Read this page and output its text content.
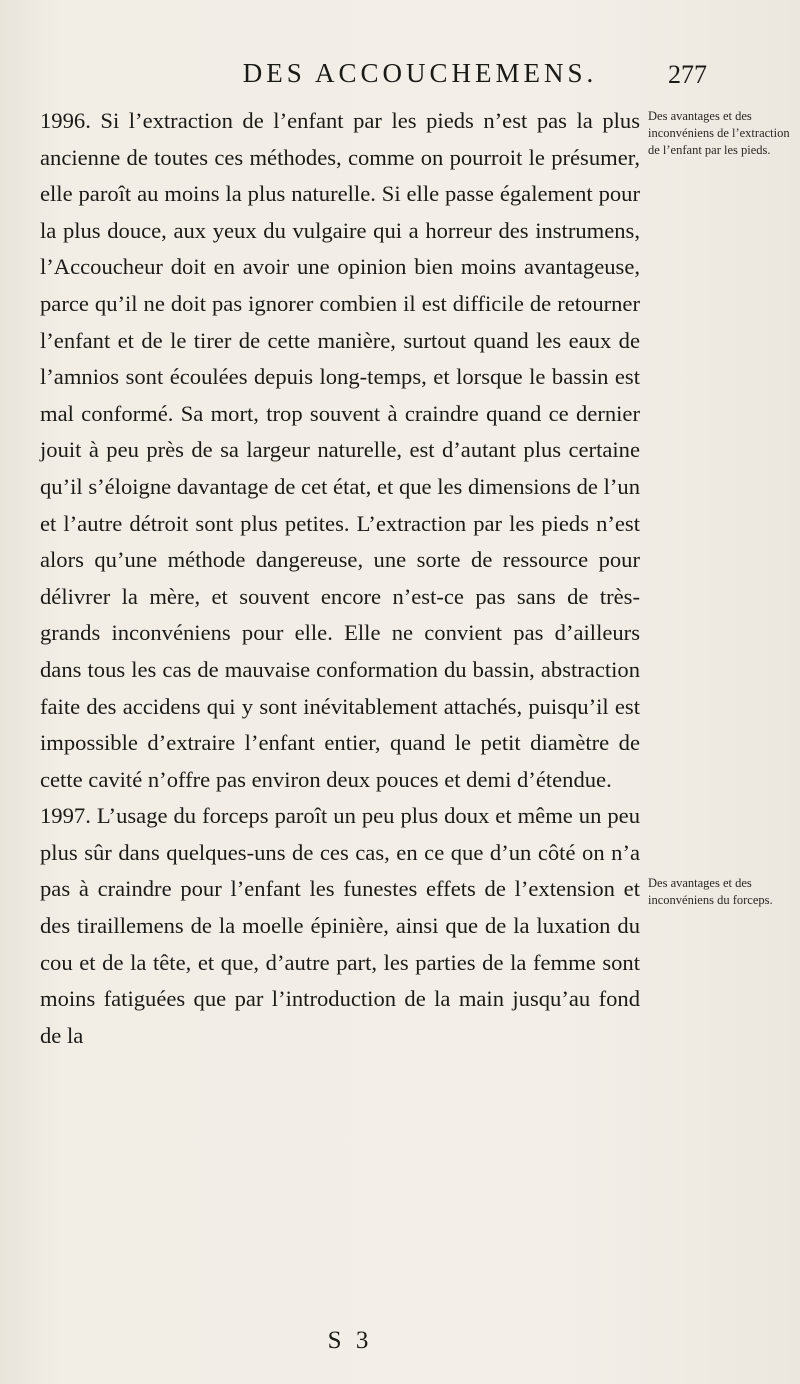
DES ACCOUCHEMENS.	277

1996. Si l’extraction de l’enfant par les pieds n’est pas la plus ancienne de toutes ces méthodes, comme on pourroit le présumer, elle paroît au moins la plus naturelle. Si elle passe également pour la plus douce, aux yeux du vulgaire qui a horreur des instrumens, l’Accoucheur doit en avoir une opinion bien moins avantageuse, parce qu’il ne doit pas ignorer combien il est difficile de retourner l’enfant et de le tirer de cette manière, surtout quand les eaux de l’amnios sont écoulées depuis long-temps, et lorsque le bassin est mal conformé. Sa mort, trop souvent à craindre quand ce dernier jouit à peu près de sa largeur naturelle, est d’autant plus certaine qu’il s’éloigne davantage de cet état, et que les dimensions de l’un et l’autre détroit sont plus petites. L’extraction par les pieds n’est alors qu’une méthode dangereuse, une sorte de ressource pour délivrer la mère, et souvent encore n’est-ce pas sans de très-grands inconvéniens pour elle. Elle ne convient pas d’ailleurs dans tous les cas de mauvaise conformation du bassin, abstraction faite des accidens qui y sont inévitablement attachés, puisqu’il est impossible d’extraire l’enfant entier, quand le petit diamètre de cette cavité n’offre pas environ deux pouces et demi d’étendue.

1997. L’usage du forceps paroît un peu plus doux et même un peu plus sûr dans quelques-uns de ces cas, en ce que d’un côté on n’a pas à craindre pour l’enfant les funestes effets de l’extension et des tiraillemens de la moelle épinière, ainsi que de la luxation du cou et de la tête, et que, d’autre part, les parties de la femme sont moins fatiguées que par l’introduction de la main jusqu’au fond de la

Des avantages et des inconvéniens de l’extraction de l’enfant par les pieds.
Des avantages et des inconvéniens du forceps.
S 3
